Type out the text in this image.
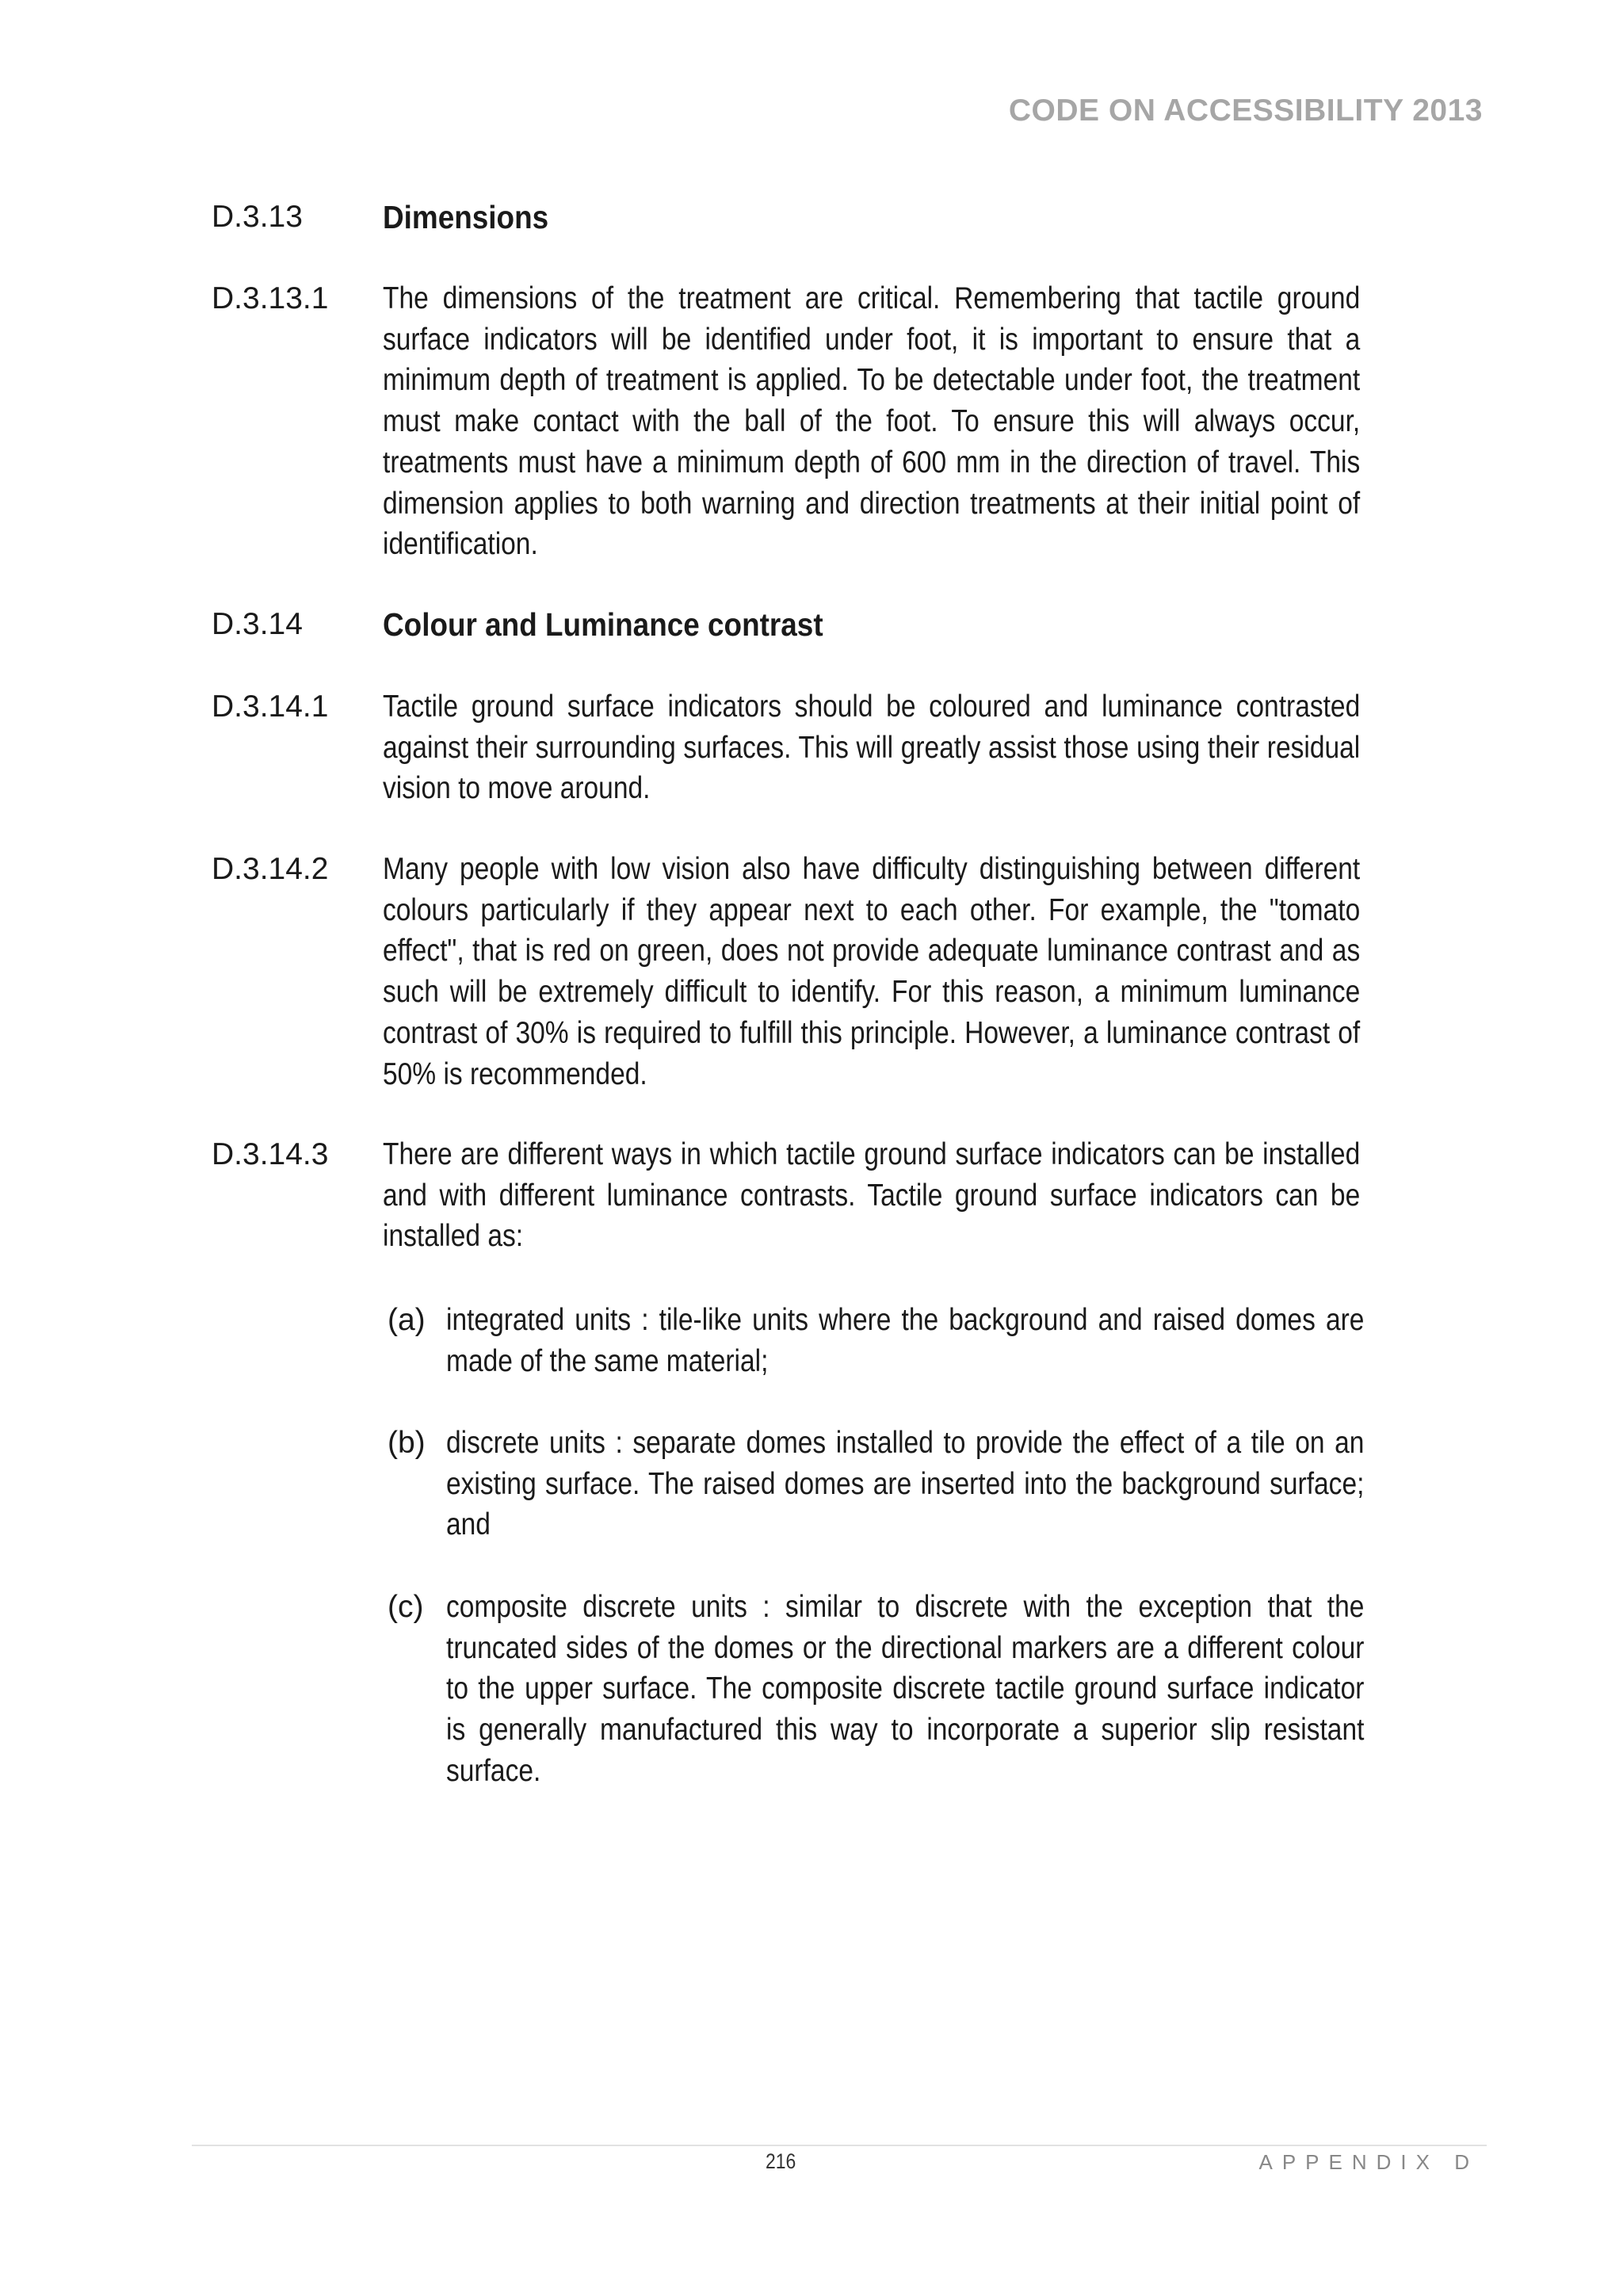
CODE ON ACCESSIBILITY 2013
D.3.13 Dimensions
D.3.13.1 The dimensions of the treatment are critical. Remembering that tactile ground surface indicators will be identified under foot, it is important to ensure that a minimum depth of treatment is applied. To be detectable under foot, the treatment must make contact with the ball of the foot. To ensure this will always occur, treatments must have a minimum depth of 600 mm in the direction of travel. This dimension applies to both warning and direction treatments at their initial point of identification.
D.3.14 Colour and Luminance contrast
D.3.14.1 Tactile ground surface indicators should be coloured and luminance contrasted against their surrounding surfaces. This will greatly assist those using their residual vision to move around.
D.3.14.2 Many people with low vision also have difficulty distinguishing between different colours particularly if they appear next to each other. For example, the "tomato effect", that is red on green, does not provide adequate luminance contrast and as such will be extremely difficult to identify. For this reason, a minimum luminance contrast of 30% is required to fulfill this principle. However, a luminance contrast of 50% is recommended.
D.3.14.3 There are different ways in which tactile ground surface indicators can be installed and with different luminance contrasts. Tactile ground surface indicators can be installed as:
(a) integrated units : tile-like units where the background and raised domes are made of the same material;
(b) discrete units : separate domes installed to provide the effect of a tile on an existing surface. The raised domes are inserted into the background surface; and
(c) composite discrete units : similar to discrete with the exception that the truncated sides of the domes or the directional markers are a different colour to the upper surface. The composite discrete tactile ground surface indicator is generally manufactured this way to incorporate a superior slip resistant surface.
216	APPENDIX D
